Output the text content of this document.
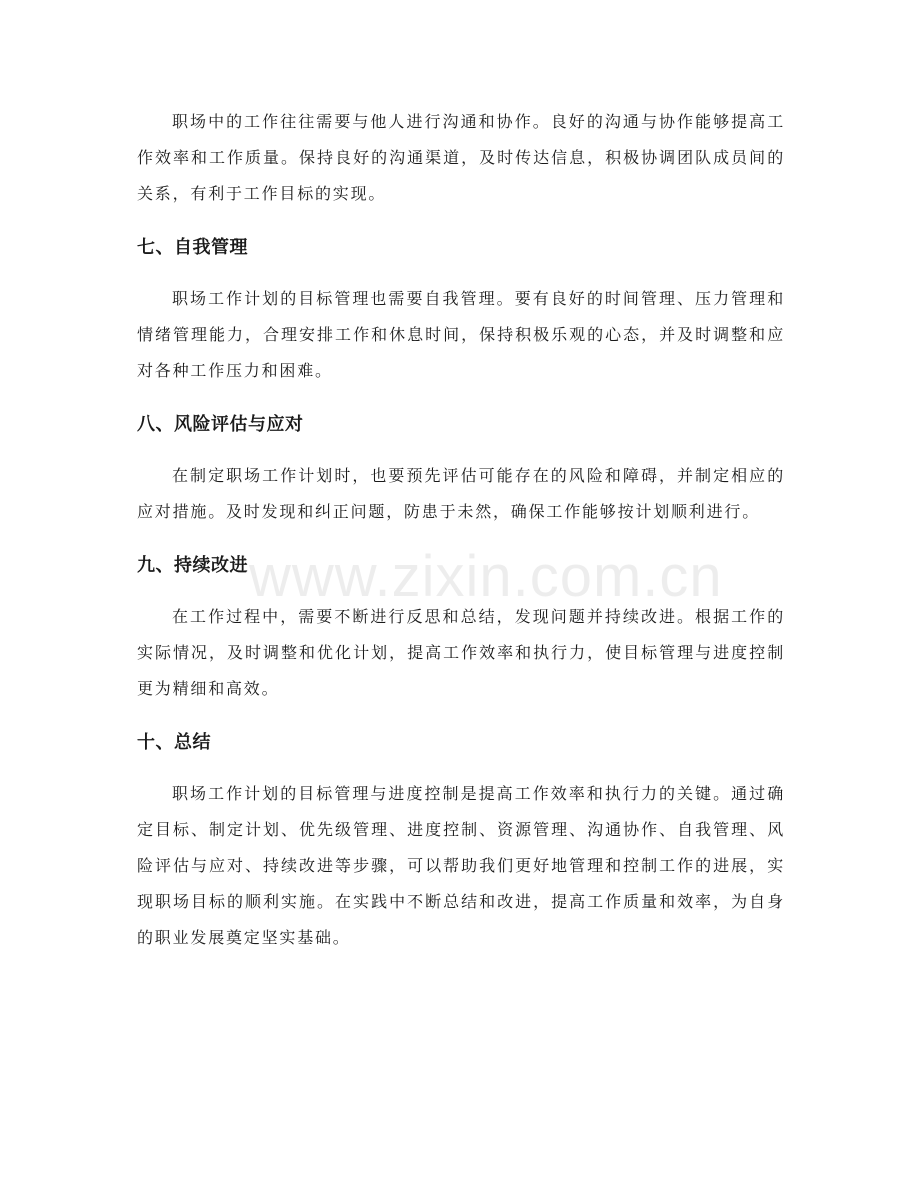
职场中的工作往往需要与他人进行沟通和协作。良好的沟通与协作能够提高工作效率和工作质量。保持良好的沟通渠道，及时传达信息，积极协调团队成员间的关系，有利于工作目标的实现。

七、自我管理

职场工作计划的目标管理也需要自我管理。要有良好的时间管理、压力管理和情绪管理能力，合理安排工作和休息时间，保持积极乐观的心态，并及时调整和应对各种工作压力和困难。

八、风险评估与应对

在制定职场工作计划时，也要预先评估可能存在的风险和障碍，并制定相应的应对措施。及时发现和纠正问题，防患于未然，确保工作能够按计划顺利进行。

九、持续改进

在工作过程中，需要不断进行反思和总结，发现问题并持续改进。根据工作的实际情况，及时调整和优化计划，提高工作效率和执行力，使目标管理与进度控制更为精细和高效。

十、总结

职场工作计划的目标管理与进度控制是提高工作效率和执行力的关键。通过确定目标、制定计划、优先级管理、进度控制、资源管理、沟通协作、自我管理、风险评估与应对、持续改进等步骤，可以帮助我们更好地管理和控制工作的进展，实现职场目标的顺利实施。在实践中不断总结和改进，提高工作质量和效率，为自身的职业发展奠定坚实基础。

www.zixin.com.cn
